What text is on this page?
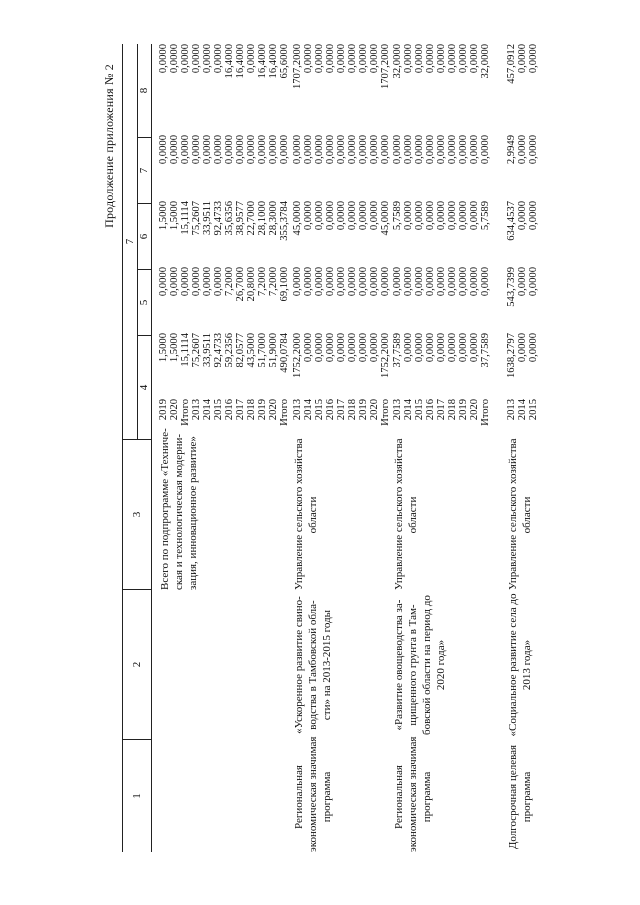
Продолжение приложения № 2
1
2
3
7
4
5
6
7
8
Всего по подпрограмме «Техниче- ская и технологическая модерни- зация, инновационное развитие»
2019
1,5000
0,0000
1,5000
0,0000
0,0000
2020
1,5000
0,0000
1,5000
0,0000
0,0000
Итого
15,1114
0,0000
15,1114
0,0000
0,0000
2013
75,2607
0,0000
75,2607
0,0000
0,0000
2014
33,9511
0,0000
33,9511
0,0000
0,0000
2015
92,4733
0,0000
92,4733
0,0000
0,0000
2016
59,2356
7,2000
35,6356
0,0000
16,4000
2017
82,0577
26,7000
38,9577
0,0000
16,4000
2018
43,5000
20,8000
22,7000
0,0000
0,0000
2019
51,7000
7,2000
28,1000
0,0000
16,4000
2020
51,9000
7,2000
28,3000
0,0000
16,4000
Итого
490,0784
69,1000
355,3784
0,0000
65,6000
Региональная экономическая значимая программа
«Ускоренное развитие свино- водства в Тамбовской обла- сти» на 2013-2015 годы
Управление сельского хозяйства области
2013
1752,2000
0,0000
45,0000
0,0000
1707,2000
2014
0,0000
0,0000
0,0000
0,0000
0,0000
2015
0,0000
0,0000
0,0000
0,0000
0,0000
2016
0,0000
0,0000
0,0000
0,0000
0,0000
2017
0,0000
0,0000
0,0000
0,0000
0,0000
2018
0,0000
0,0000
0,0000
0,0000
0,0000
2019
0,0000
0,0000
0,0000
0,0000
0,0000
2020
0,0000
0,0000
0,0000
0,0000
0,0000
Итого
1752,2000
0,0000
45,0000
0,0000
1707,2000
Региональная экономическая значимая программа
«Развитие овощеводства за- щищенного грунта в Там- бовской области на период до 2020 года»
Управление сельского хозяйства области
2013
37,7589
0,0000
5,7589
0,0000
32,0000
2014
0,0000
0,0000
0,0000
0,0000
0,0000
2015
0,0000
0,0000
0,0000
0,0000
0,0000
2016
0,0000
0,0000
0,0000
0,0000
0,0000
2017
0,0000
0,0000
0,0000
0,0000
0,0000
2018
0,0000
0,0000
0,0000
0,0000
0,0000
2019
0,0000
0,0000
0,0000
0,0000
0,0000
2020
0,0000
0,0000
0,0000
0,0000
0,0000
Итого
37,7589
0,0000
5,7589
0,0000
32,0000
Долгосрочная целевая программа
«Социальное развитие села до 2013 года»
Управление сельского хозяйства области
2013
1638,2797
543,7399
634,4537
2,9949
457,0912
2014
0,0000
0,0000
0,0000
0,0000
0,0000
2015
0,0000
0,0000
0,0000
0,0000
0,0000
